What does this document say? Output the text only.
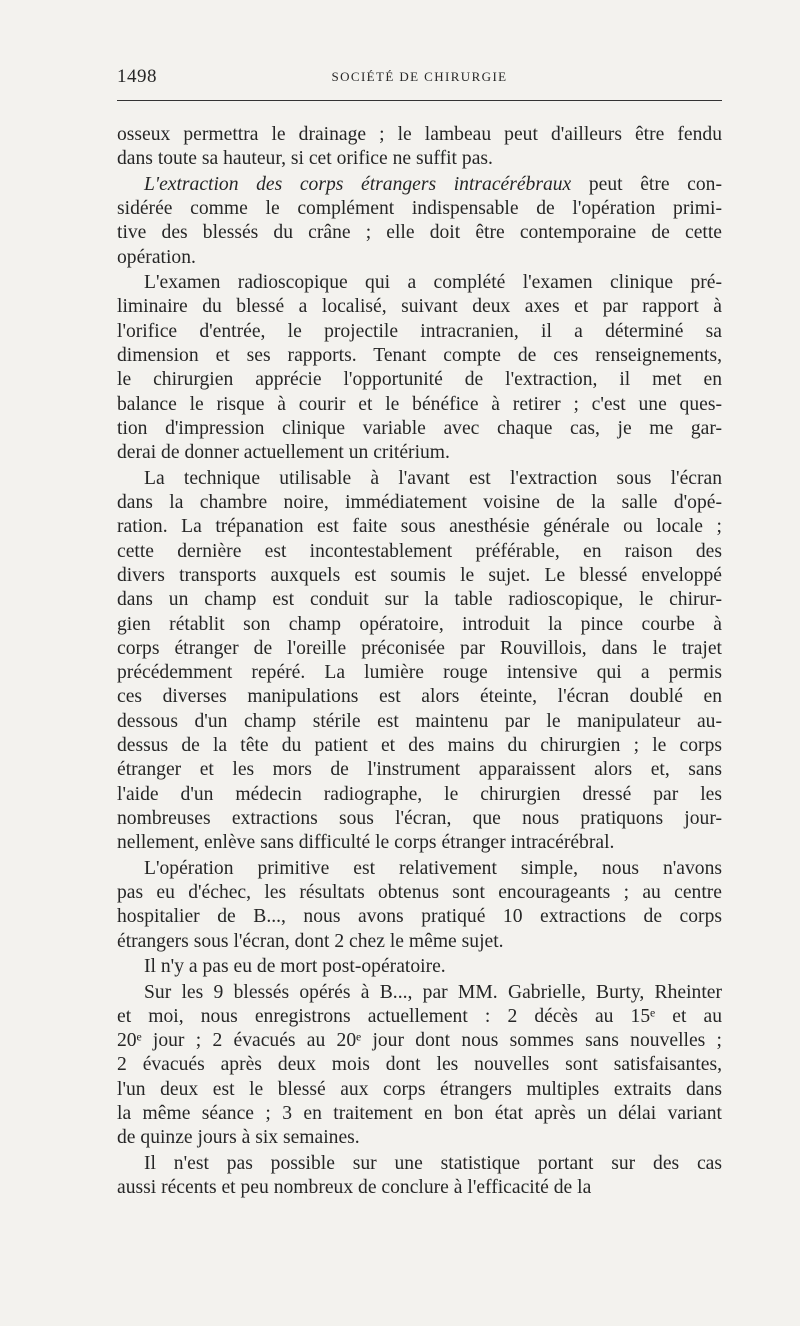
1498	SOCIÉTÉ DE CHIRURGIE
osseux permettra le drainage ; le lambeau peut d'ailleurs être fendu
dans toute sa hauteur, si cet orifice ne suffit pas.
L'extraction des corps étrangers intracérébraux peut être con-
sidérée comme le complément indispensable de l'opération primi-
tive des blessés du crâne ; elle doit être contemporaine de cette
opération.
L'examen radioscopique qui a complété l'examen clinique pré-
liminaire du blessé a localisé, suivant deux axes et par rapport à
l'orifice d'entrée, le projectile intracranien, il a déterminé sa
dimension et ses rapports. Tenant compte de ces renseignements,
le chirurgien apprécie l'opportunité de l'extraction, il met en
balance le risque à courir et le bénéfice à retirer ; c'est une ques-
tion d'impression clinique variable avec chaque cas, je me gar-
derai de donner actuellement un critérium.
La technique utilisable à l'avant est l'extraction sous l'écran
dans la chambre noire, immédiatement voisine de la salle d'opé-
ration. La trépanation est faite sous anesthésie générale ou locale ;
cette dernière est incontestablement préférable, en raison des
divers transports auxquels est soumis le sujet. Le blessé enveloppé
dans un champ est conduit sur la table radioscopique, le chirur-
gien rétablit son champ opératoire, introduit la pince courbe à
corps étranger de l'oreille préconisée par Rouvillois, dans le trajet
précédemment repéré. La lumière rouge intensive qui a permis
ces diverses manipulations est alors éteinte, l'écran doublé en
dessous d'un champ stérile est maintenu par le manipulateur au-
dessus de la tête du patient et des mains du chirurgien ; le corps
étranger et les mors de l'instrument apparaissent alors et, sans
l'aide d'un médecin radiographe, le chirurgien dressé par les
nombreuses extractions sous l'écran, que nous pratiquons jour-
nellement, enlève sans difficulté le corps étranger intracérébral.
L'opération primitive est relativement simple, nous n'avons
pas eu d'échec, les résultats obtenus sont encourageants ; au centre
hospitalier de B..., nous avons pratiqué 10 extractions de corps
étrangers sous l'écran, dont 2 chez le même sujet.
Il n'y a pas eu de mort post-opératoire.
Sur les 9 blessés opérés à B..., par MM. Gabrielle, Burty, Rheinter
et moi, nous enregistrons actuellement : 2 décès au 15ᵉ et au
20ᵉ jour ; 2 évacués au 20ᵉ jour dont nous sommes sans nouvelles ;
2 évacués après deux mois dont les nouvelles sont satisfaisantes,
l'un deux est le blessé aux corps étrangers multiples extraits dans
la même séance ; 3 en traitement en bon état après un délai variant
de quinze jours à six semaines.
Il n'est pas possible sur une statistique portant sur des cas
aussi récents et peu nombreux de conclure à l'efficacité de la
